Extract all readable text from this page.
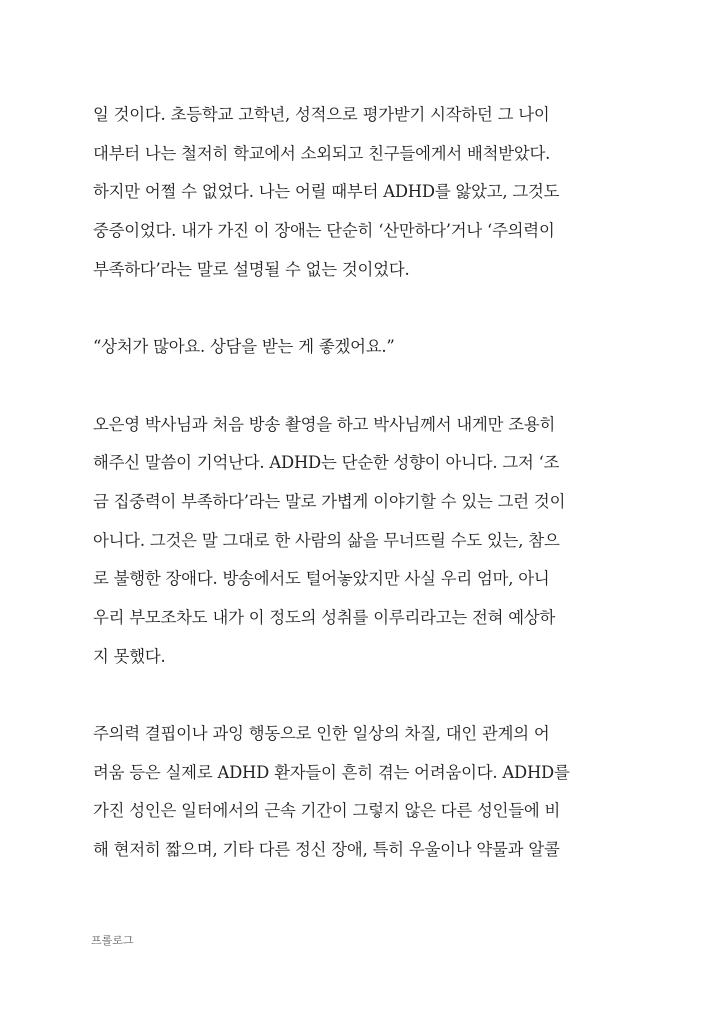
일 것이다. 초등학교 고학년, 성적으로 평가받기 시작하던 그 나이
대부터 나는 철저히 학교에서 소외되고 친구들에게서 배척받았다.
하지만 어쩔 수 없었다. 나는 어릴 때부터 ADHD를 앓았고, 그것도
중증이었다. 내가 가진 이 장애는 단순히 ‘산만하다’거나 ‘주의력이
부족하다’라는 말로 설명될 수 없는 것이었다.
“상처가 많아요. 상담을 받는 게 좋겠어요.”
오은영 박사님과 처음 방송 촬영을 하고 박사님께서 내게만 조용히
해주신 말씀이 기억난다. ADHD는 단순한 성향이 아니다. 그저 ‘조
금 집중력이 부족하다’라는 말로 가볍게 이야기할 수 있는 그런 것이
아니다. 그것은 말 그대로 한 사람의 삶을 무너뜨릴 수도 있는, 참으
로 불행한 장애다. 방송에서도 털어놓았지만 사실 우리 엄마, 아니
우리 부모조차도 내가 이 정도의 성취를 이루리라고는 전혀 예상하
지 못했다.
주의력 결핍이나 과잉 행동으로 인한 일상의 차질, 대인 관계의 어
려움 등은 실제로 ADHD 환자들이 흔히 겪는 어려움이다. ADHD를
가진 성인은 일터에서의 근속 기간이 그렇지 않은 다른 성인들에 비
해 현저히 짧으며, 기타 다른 정신 장애, 특히 우울이나 약물과 알콜
프롤로그
